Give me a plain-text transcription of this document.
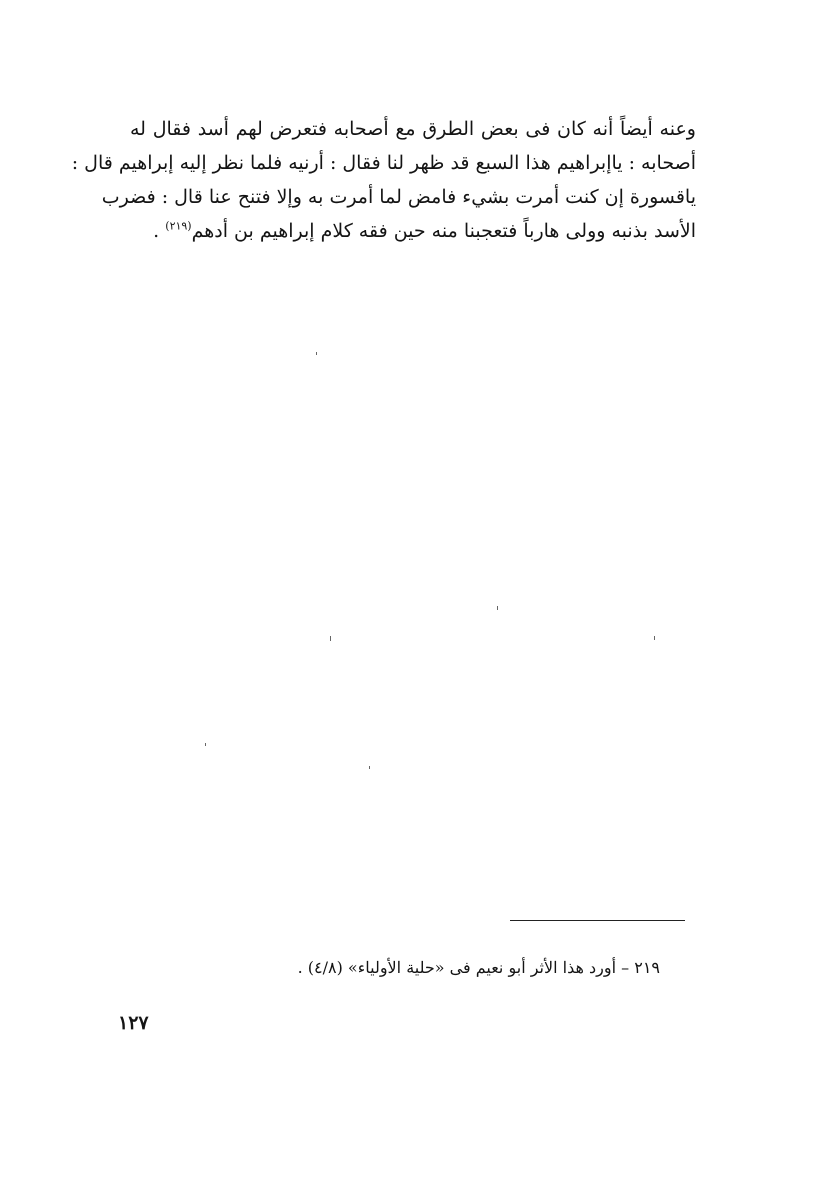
وعنه أيضاً أنه كان فى بعض الطرق مع أصحابه فتعرض لهم أسد فقال له
أصحابه : ياإبراهيم هذا السبع قد ظهر لنا فقال : أرنيه فلما نظر إليه إبراهيم قال :
ياقسورة إن كنت أمرت بشيء فامض لما أمرت به وإلا فتنح عنا قال : فضرب
الأسد بذنبه وولى هارباً فتعجبنا منه حين فقه كلام إبراهيم بن أدهم$^{(٢١٩)}$ .
٢١٩ – أورد هذا الأثر أبو نعيم فى «حلية الأولياء» (٤/٨) .
١٢٧
